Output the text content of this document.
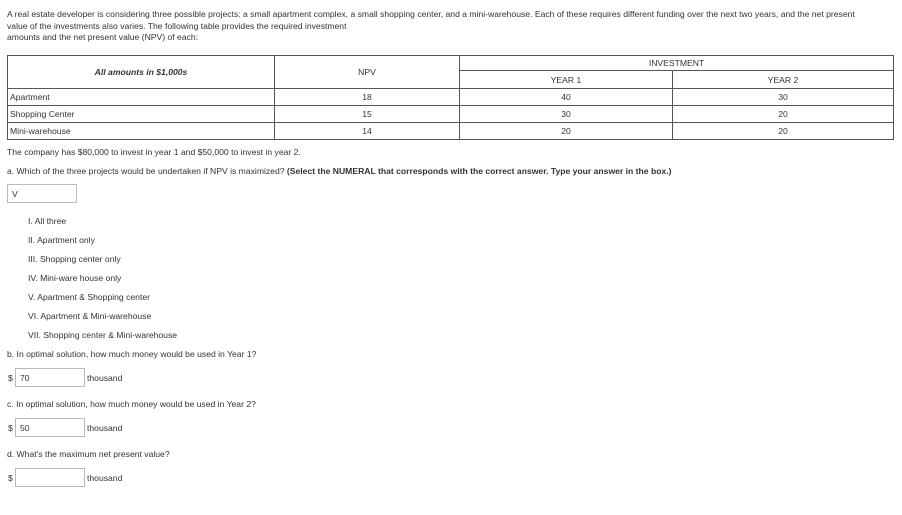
A real estate developer is considering three possible projects: a small apartment complex, a small shopping center, and a mini-warehouse. Each of these requires different funding over the next two years, and the net present
value of the investments also varies. The following table provides the required investment
amounts and the net present value (NPV) of each:
All amounts in $1,000s	NPV	INVESTMENT	
		YEAR 1	YEAR 2
Apartment	18	40	30
Shopping Center	15	30	20
Mini-warehouse	14	20	20
The company has $80,000 to invest in year 1 and $50,000 to invest in year 2.
a. Which of the three projects would be undertaken if NPV is maximized? (Select the NUMERAL that corresponds with the correct answer. Type your answer in the box.)
V
I. All three
II. Apartment only
III. Shopping center only
IV. Mini-ware house only
V. Apartment & Shopping center
VI. Apartment & Mini-warehouse
VII. Shopping center & Mini-warehouse
b. In optimal solution, how much money would be used in Year 1?
$
70	thousand
c. In optimal solution, how much money would be used in Year 2?
$
50	thousand
d. What's the maximum net present value?
$	thousand
